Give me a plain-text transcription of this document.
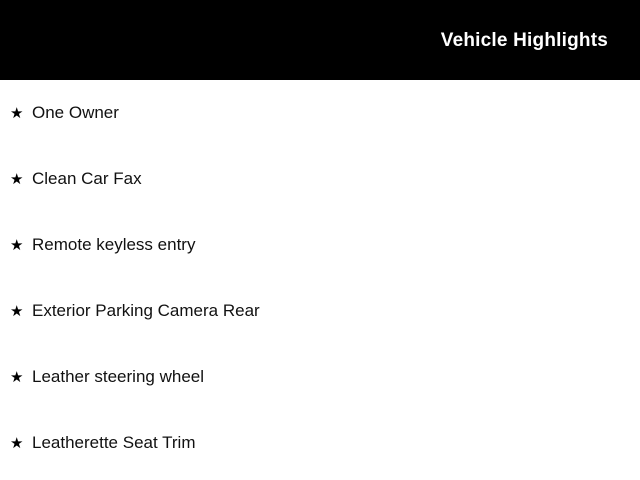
Vehicle Highlights
★ One Owner
★ Clean Car Fax
★ Remote keyless entry
★ Exterior Parking Camera Rear
★ Leather steering wheel
★ Leatherette Seat Trim
